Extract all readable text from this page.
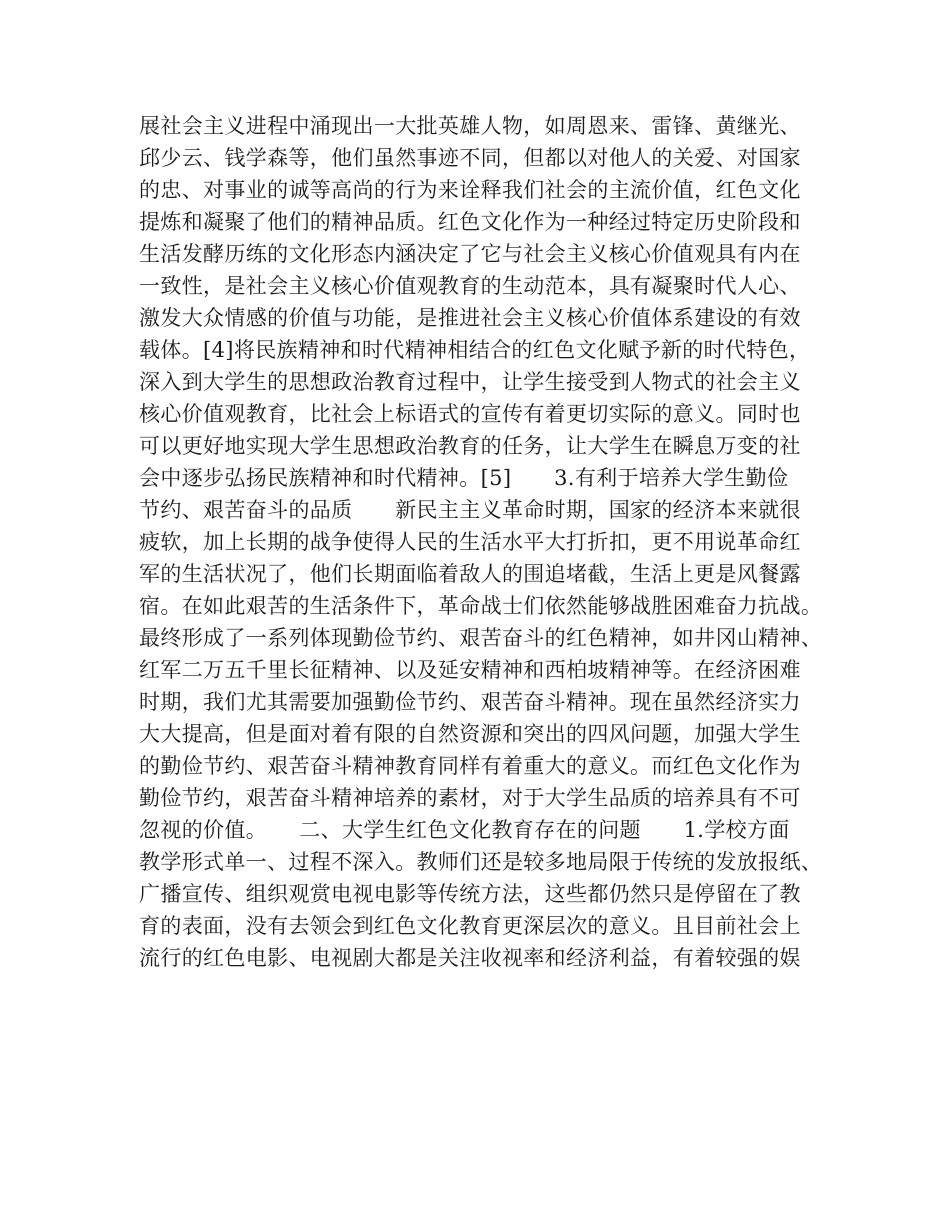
展社会主义进程中涌现出一大批英雄人物，如周恩来、雷锋、黄继光、
邱少云、钱学森等，他们虽然事迹不同，但都以对他人的关爱、对国家
的忠、对事业的诚等高尚的行为来诠释我们社会的主流价值，红色文化
提炼和凝聚了他们的精神品质。红色文化作为一种经过特定历史阶段和
生活发酵历练的文化形态内涵决定了它与社会主义核心价值观具有内在
一致性，是社会主义核心价值观教育的生动范本，具有凝聚时代人心、
激发大众情感的价值与功能，是推进社会主义核心价值体系建设的有效
载体。[4]将民族精神和时代精神相结合的红色文化赋予新的时代特色，
深入到大学生的思想政治教育过程中，让学生接受到人物式的社会主义
核心价值观教育，比社会上标语式的宣传有着更切实际的意义。同时也
可以更好地实现大学生思想政治教育的任务，让大学生在瞬息万变的社
会中逐步弘扬民族精神和时代精神。[5]　　3.有利于培养大学生勤俭
节约、艰苦奋斗的品质　　新民主主义革命时期，国家的经济本来就很
疲软，加上长期的战争使得人民的生活水平大打折扣，更不用说革命红
军的生活状况了，他们长期面临着敌人的围追堵截，生活上更是风餐露
宿。在如此艰苦的生活条件下，革命战士们依然能够战胜困难奋力抗战。
最终形成了一系列体现勤俭节约、艰苦奋斗的红色精神，如井冈山精神、
红军二万五千里长征精神、以及延安精神和西柏坡精神等。在经济困难
时期，我们尤其需要加强勤俭节约、艰苦奋斗精神。现在虽然经济实力
大大提高，但是面对着有限的自然资源和突出的四风问题，加强大学生
的勤俭节约、艰苦奋斗精神教育同样有着重大的意义。而红色文化作为
勤俭节约，艰苦奋斗精神培养的素材，对于大学生品质的培养具有不可
忽视的价值。　　二、大学生红色文化教育存在的问题　　1.学校方面
教学形式单一、过程不深入。教师们还是较多地局限于传统的发放报纸、
广播宣传、组织观赏电视电影等传统方法，这些都仍然只是停留在了教
育的表面，没有去领会到红色文化教育更深层次的意义。且目前社会上
流行的红色电影、电视剧大都是关注收视率和经济利益，有着较强的娱
